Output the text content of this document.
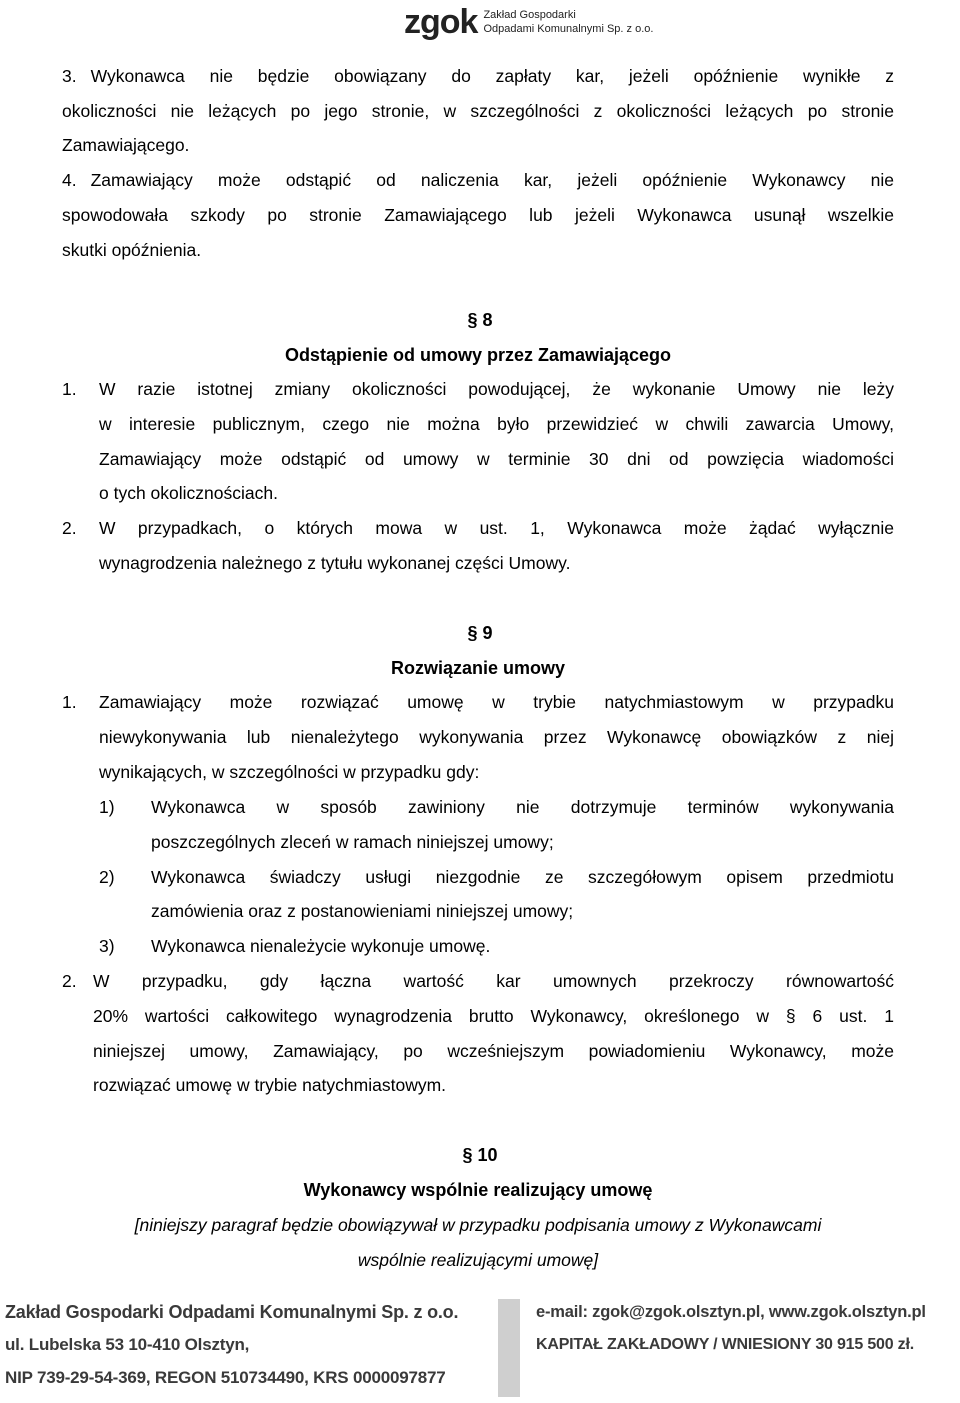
zgok Zakład Gospodarki
Odpadami Komunalnymi Sp. z o.o.
3. Wykonawca nie będzie obowiązany do zapłaty kar, jeżeli opóźnienie wynikłe z
okoliczności nie leżących po jego stronie, w szczególności z okoliczności leżących po stronie
Zamawiającego.
4. Zamawiający może odstąpić od naliczenia kar, jeżeli opóźnienie Wykonawcy nie
spowodowała szkody po stronie Zamawiającego lub jeżeli Wykonawca usunął wszelkie
skutki opóźnienia.
§ 8
Odstąpienie od umowy przez Zamawiającego
1. W razie istotnej zmiany okoliczności powodującej, że wykonanie Umowy nie leży
w interesie publicznym, czego nie można było przewidzieć w chwili zawarcia Umowy,
Zamawiający może odstąpić od umowy w terminie 30 dni od powzięcia wiadomości
o tych okolicznościach.
2. W przypadkach, o których mowa w ust. 1, Wykonawca może żądać wyłącznie
wynagrodzenia należnego z tytułu wykonanej części Umowy.
§ 9
Rozwiązanie umowy
1. Zamawiający może rozwiązać umowę w trybie natychmiastowym w przypadku
niewykonywania lub nienależytego wykonywania przez Wykonawcę obowiązków z niej
wynikających, w szczególności w przypadku gdy:
1) Wykonawca w sposób zawiniony nie dotrzymuje terminów wykonywania
poszczególnych zleceń w ramach niniejszej umowy;
2) Wykonawca świadczy usługi niezgodnie ze szczegółowym opisem przedmiotu
zamówienia oraz z postanowieniami niniejszej umowy;
3) Wykonawca nienależycie wykonuje umowę.
2. W przypadku, gdy łączna wartość kar umownych przekroczy równowartość
20% wartości całkowitego wynagrodzenia brutto Wykonawcy, określonego w § 6 ust. 1
niniejszej umowy, Zamawiający, po wcześniejszym powiadomieniu Wykonawcy, może
rozwiązać umowę w trybie natychmiastowym.
§ 10
Wykonawcy wspólnie realizujący umowę
[niniejszy paragraf będzie obowiązywał w przypadku podpisania umowy z Wykonawcami
wspólnie realizującymi umowę]
Zakład Gospodarki Odpadami Komunalnymi Sp. z o.o.
ul. Lubelska 53 10-410 Olsztyn,
NIP 739-29-54-369, REGON 510734490, KRS 0000097877
e-mail: zgok@zgok.olsztyn.pl, www.zgok.olsztyn.pl
KAPITAŁ ZAKŁADOWY / WNIESIONY 30 915 500 zł.
